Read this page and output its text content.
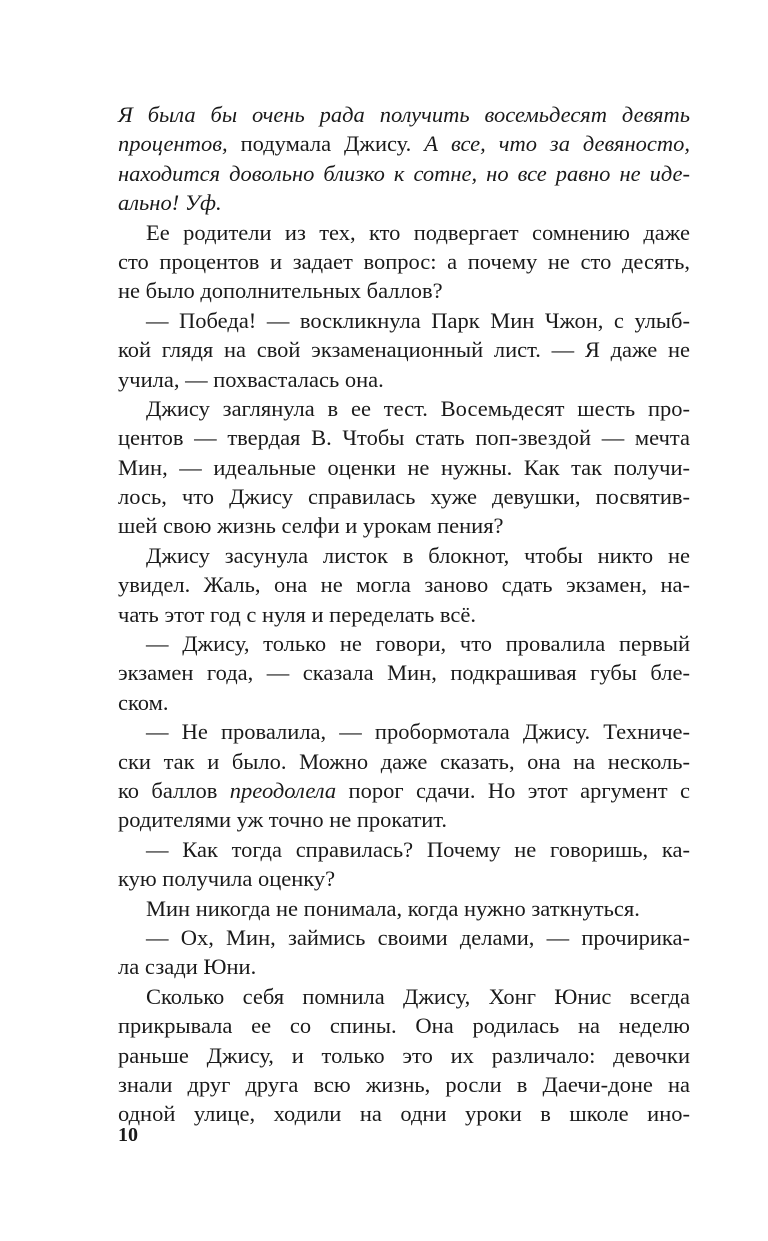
Я была бы очень рада получить восемьдесят девять
процентов, подумала Джису. А все, что за девяносто,
находится довольно близко к сотне, но все равно не иде-
ально! Уф.
Ее родители из тех, кто подвергает сомнению даже
сто процентов и задает вопрос: а почему не сто десять,
не было дополнительных баллов?
— Победа! — воскликнула Парк Мин Чжон, с улыб-
кой глядя на свой экзаменационный лист. — Я даже не
учила, — похвасталась она.
Джису заглянула в ее тест. Восемьдесят шесть про-
центов — твердая B. Чтобы стать поп-звездой — мечта
Мин, — идеальные оценки не нужны. Как так получи-
лось, что Джису справилась хуже девушки, посвятив-
шей свою жизнь селфи и урокам пения?
Джису засунула листок в блокнот, чтобы никто не
увидел. Жаль, она не могла заново сдать экзамен, на-
чать этот год с нуля и переделать всё.
— Джису, только не говори, что провалила первый
экзамен года, — сказала Мин, подкрашивая губы бле-
ском.
— Не провалила, — пробормотала Джису. Техниче-
ски так и было. Можно даже сказать, она на несколь-
ко баллов преодолела порог сдачи. Но этот аргумент с
родителями уж точно не прокатит.
— Как тогда справилась? Почему не говоришь, ка-
кую получила оценку?
Мин никогда не понимала, когда нужно заткнуться.
— Ох, Мин, займись своими делами, — прочирика-
ла сзади Юни.
Сколько себя помнила Джису, Хонг Юнис всегда
прикрывала ее со спины. Она родилась на неделю
раньше Джису, и только это их различало: девочки
знали друг друга всю жизнь, росли в Даечи-доне на
одной улице, ходили на одни уроки в школе ино-
10
